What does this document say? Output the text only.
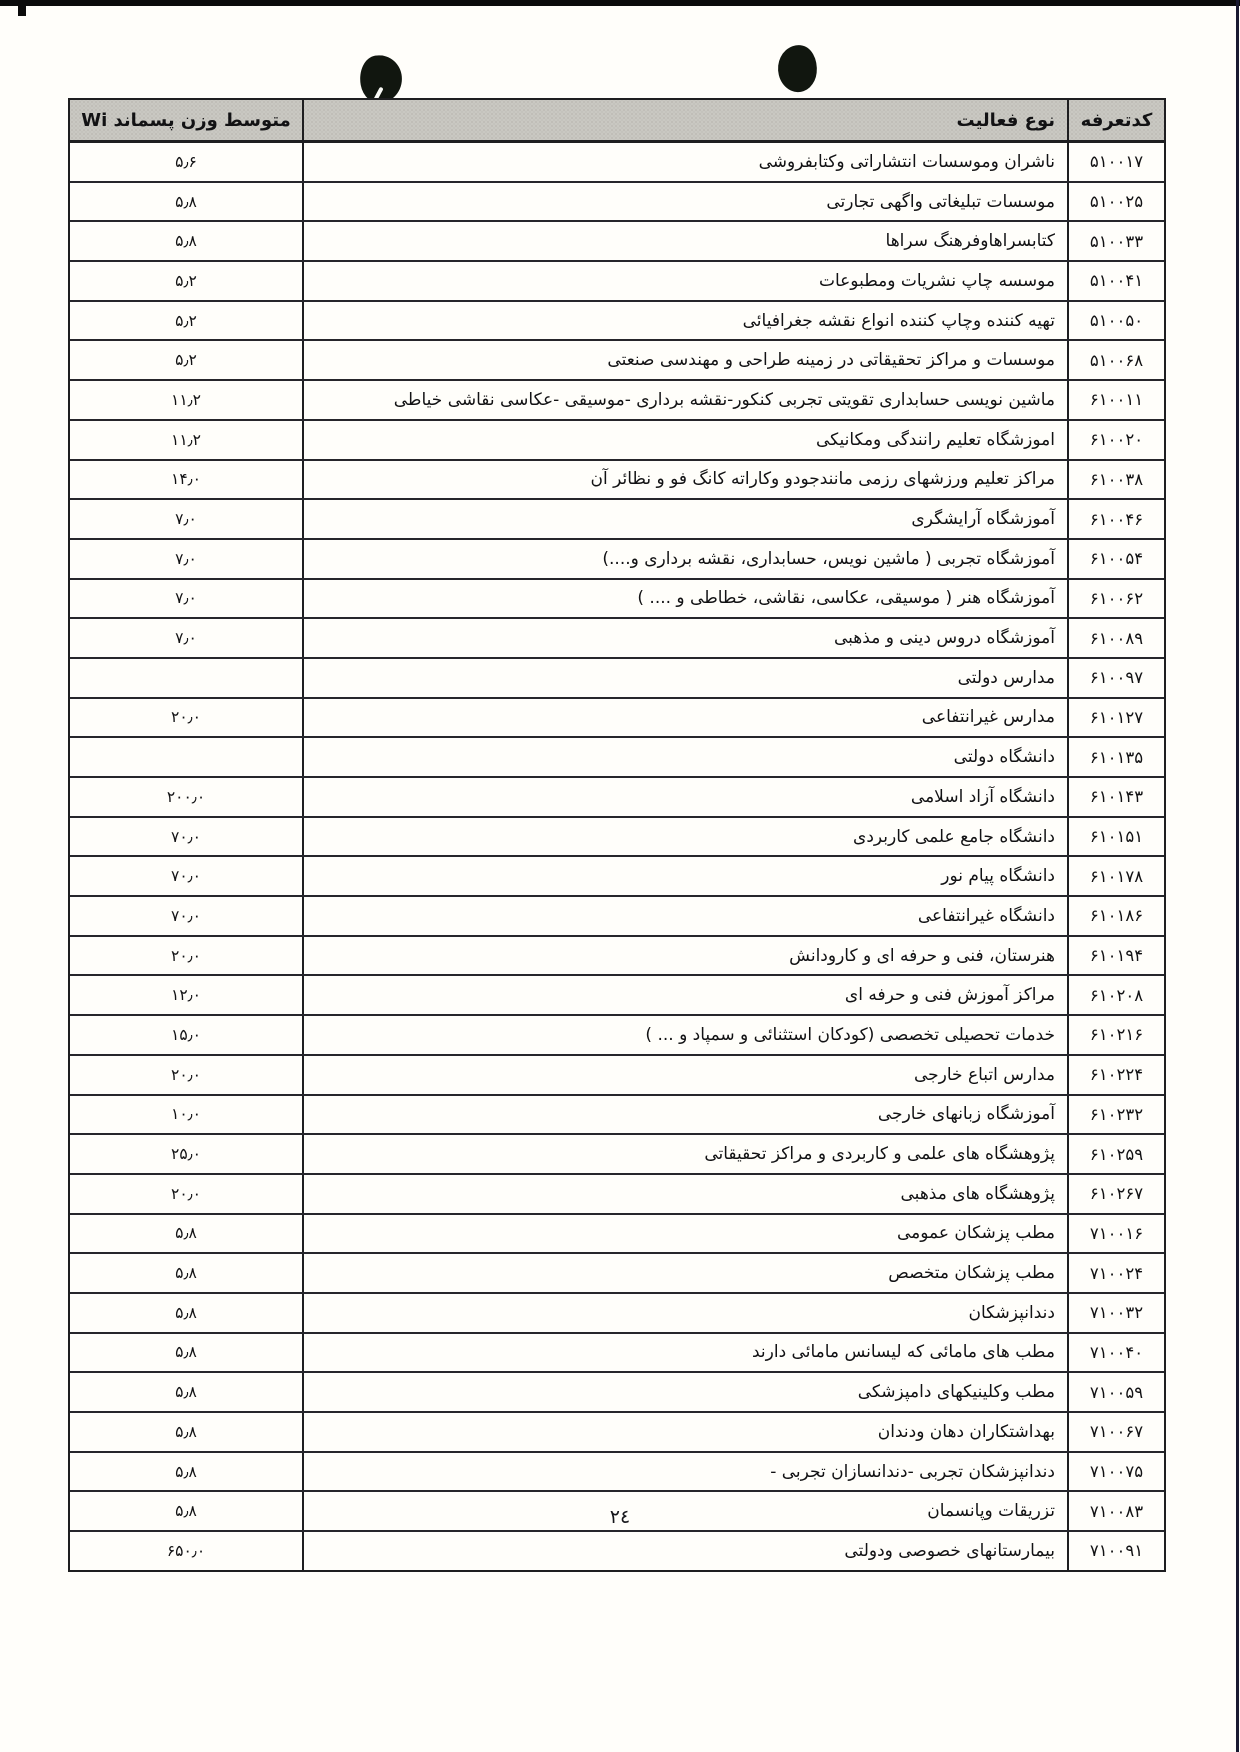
کدتعرفه
نوع فعالیت
متوسط وزن پسماند Wi
۵۱۰۰۱۷
ناشران وموسسات انتشاراتی وکتابفروشی
۵٫۶
۵۱۰۰۲۵
موسسات تبلیغاتی واگهی تجارتی
۵٫۸
۵۱۰۰۳۳
کتابسراهاوفرهنگ سراها
۵٫۸
۵۱۰۰۴۱
موسسه چاپ نشریات ومطبوعات
۵٫۲
۵۱۰۰۵۰
تهیه کننده وچاپ کننده انواع نقشه جغرافیائی
۵٫۲
۵۱۰۰۶۸
موسسات و مراکز تحقیقاتی در زمینه طراحی و مهندسی صنعتی
۵٫۲
۶۱۰۰۱۱
ماشین نویسی حسابداری تقویتی تجربی کنکور-نقشه برداری -موسیقی -عکاسی نقاشی خیاطی
۱۱٫۲
۶۱۰۰۲۰
اموزشگاه تعلیم رانندگی ومکانیکی
۱۱٫۲
۶۱۰۰۳۸
مراکز تعلیم ورزشهای رزمی مانندجودو وکاراته کانگ فو و نظائر آن
۱۴٫۰
۶۱۰۰۴۶
آموزشگاه آرایشگری
۷٫۰
۶۱۰۰۵۴
آموزشگاه تجربی ( ماشین نویس، حسابداری، نقشه برداری و....)
۷٫۰
۶۱۰۰۶۲
آموزشگاه هنر ( موسیقی، عکاسی، نقاشی، خطاطی و .... )
۷٫۰
۶۱۰۰۸۹
آموزشگاه دروس دینی و مذهبی
۷٫۰
۶۱۰۰۹۷
مدارس دولتی
۶۱۰۱۲۷
مدارس غیرانتفاعی
۲۰٫۰
۶۱۰۱۳۵
دانشگاه دولتی
۶۱۰۱۴۳
دانشگاه آزاد اسلامی
۲۰۰٫۰
۶۱۰۱۵۱
دانشگاه جامع علمی کاربردی
۷۰٫۰
۶۱۰۱۷۸
دانشگاه پیام نور
۷۰٫۰
۶۱۰۱۸۶
دانشگاه غیرانتفاعی
۷۰٫۰
۶۱۰۱۹۴
هنرستان، فنی و حرفه ای و کارودانش
۲۰٫۰
۶۱۰۲۰۸
مراکز آموزش فنی و حرفه ای
۱۲٫۰
۶۱۰۲۱۶
خدمات تحصیلی تخصصی (کودکان استثنائی و سمپاد و ... )
۱۵٫۰
۶۱۰۲۲۴
مدارس اتباع خارجی
۲۰٫۰
۶۱۰۲۳۲
آموزشگاه زبانهای خارجی
۱۰٫۰
۶۱۰۲۵۹
پژوهشگاه های علمی و کاربردی و مراکز تحقیقاتی
۲۵٫۰
۶۱۰۲۶۷
پژوهشگاه های مذهبی
۲۰٫۰
۷۱۰۰۱۶
مطب پزشکان عمومی
۵٫۸
۷۱۰۰۲۴
مطب پزشکان متخصص
۵٫۸
۷۱۰۰۳۲
دندانپزشکان
۵٫۸
۷۱۰۰۴۰
مطب های مامائی که لیسانس مامائی دارند
۵٫۸
۷۱۰۰۵۹
مطب وکلینیکهای دامپزشکی
۵٫۸
۷۱۰۰۶۷
بهداشتکاران دهان ودندان
۵٫۸
۷۱۰۰۷۵
دندانپزشکان تجربی -دندانسازان تجربی -
۵٫۸
۷۱۰۰۸۳
تزریقات وپانسمان
۵٫۸
۷۱۰۰۹۱
بیمارستانهای خصوصی ودولتی
۶۵۰٫۰
۲٤
